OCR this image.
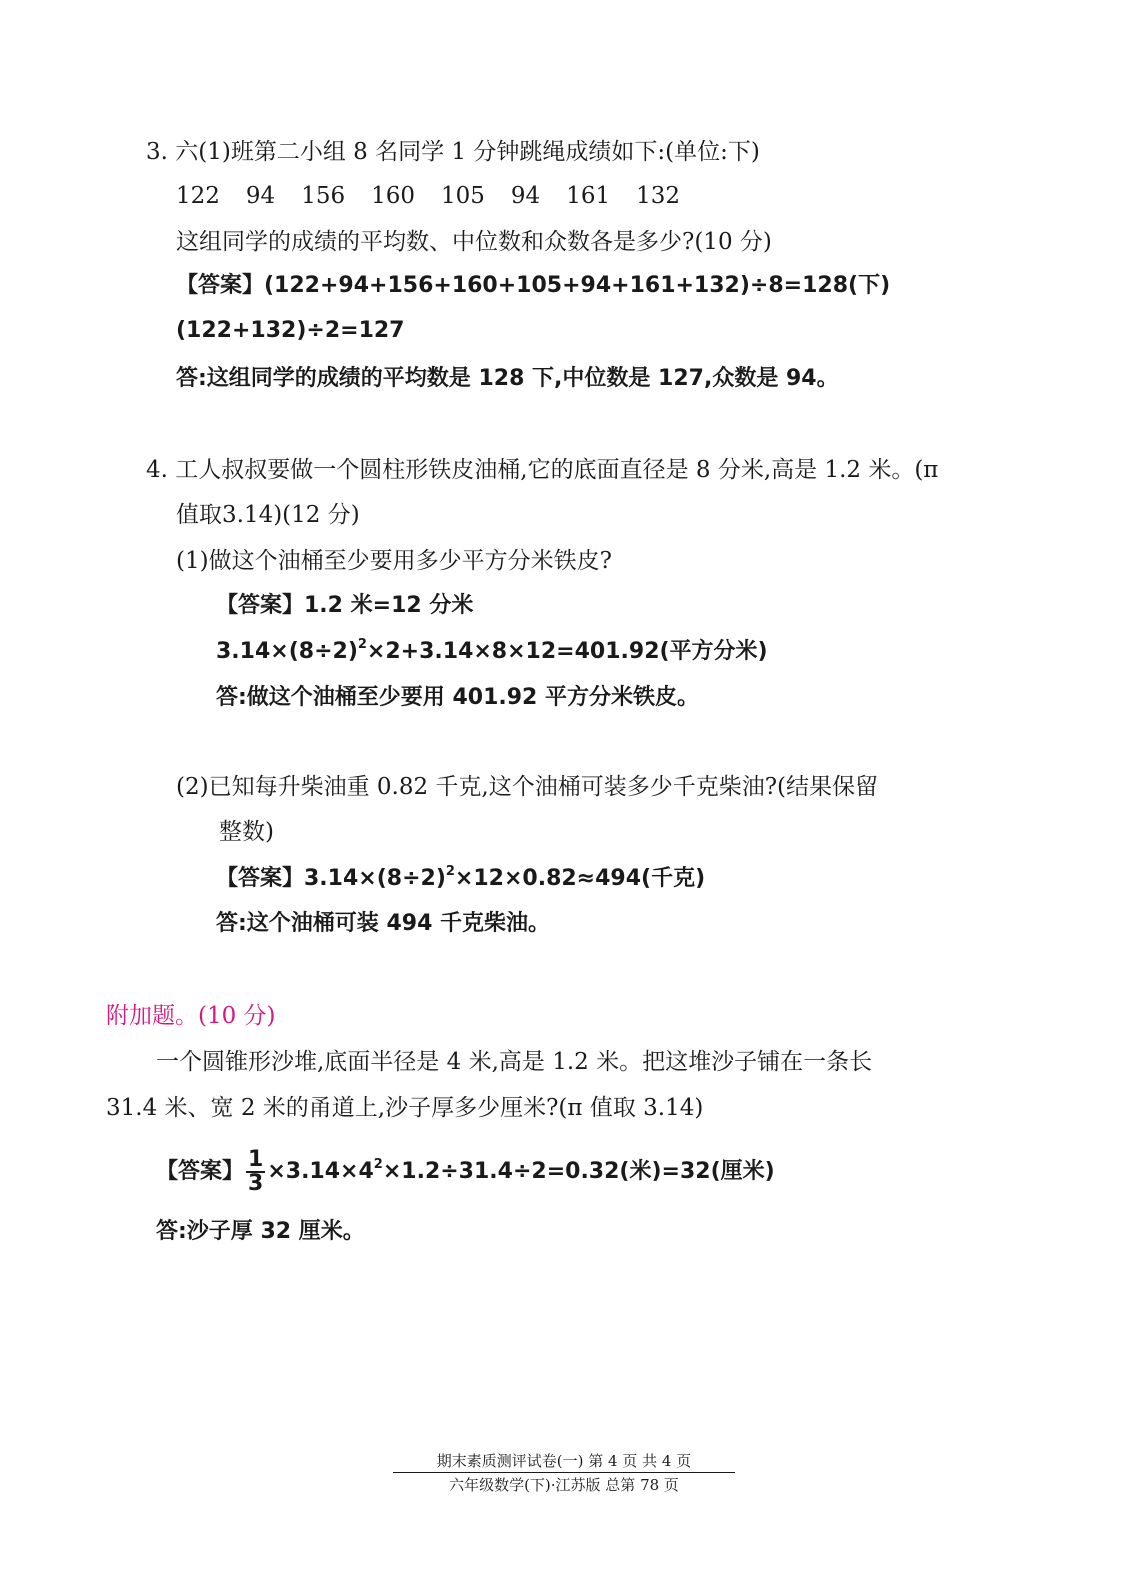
3. 六(1)班第二小组 8 名同学 1 分钟跳绳成绩如下:(单位:下)
122 94 156 160 105 94 161 132
这组同学的成绩的平均数、中位数和众数各是多少?(10 分)
【答案】(122+94+156+160+105+94+161+132)÷8=128(下)
(122+132)÷2=127
答:这组同学的成绩的平均数是 128 下,中位数是 127,众数是 94。
4. 工人叔叔要做一个圆柱形铁皮油桶,它的底面直径是 8 分米,高是 1.2 米。(π
值取3.14)(12 分)
(1)做这个油桶至少要用多少平方分米铁皮?
【答案】1.2 米=12 分米
$3.14\times(8\div 2)^2\times 2+3.14\times 8\times 12=401.92$(平方分米)
答:做这个油桶至少要用 401.92 平方分米铁皮。
(2)已知每升柴油重 0.82 千克,这个油桶可装多少千克柴油?(结果保留
整数)
【答案】$3.14\times(8\div 2)^2\times 12\times 0.82\approx 494$(千克)
答:这个油桶可装 494 千克柴油。
附加题。(10 分)
一个圆锥形沙堆,底面半径是 4 米,高是 1.2 米。把这堆沙子铺在一条长
31.4 米、宽 2 米的甬道上,沙子厚多少厘米?(π 值取 3.14)
【答案】 $\frac{1}{3} \times 3.14\times 4^2\times 1.2\div 31.4\div 2=0.32$(米)=32(厘米)
答:沙子厚 32 厘米。
期末素质测评试卷(一) 第 4 页 共 4 页
六年级数学(下)·江苏版 总第 78 页
